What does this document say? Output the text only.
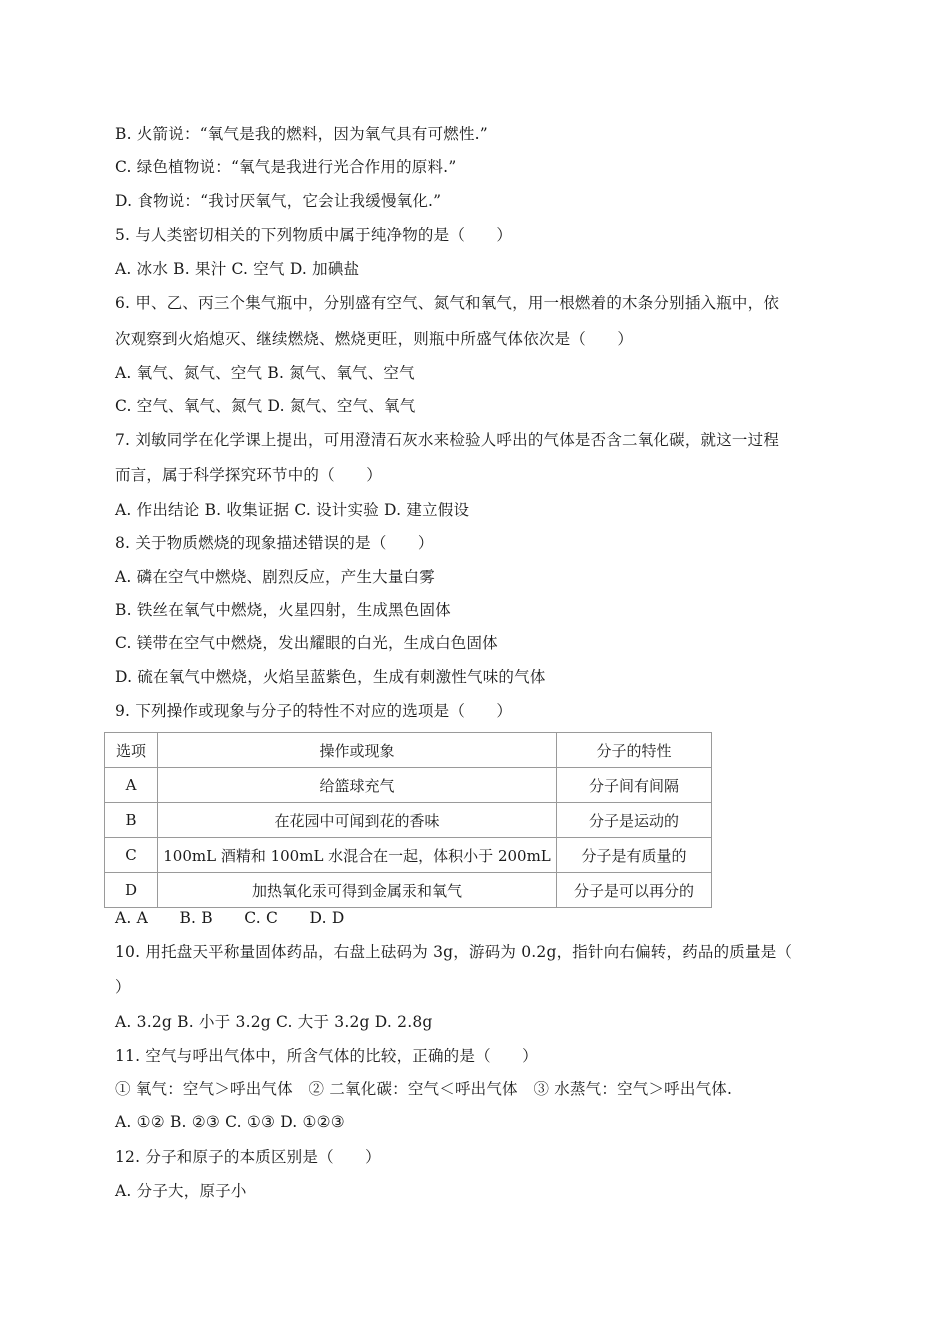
B. 火箭说：“氧气是我的燃料，因为氧气具有可燃性.”
C. 绿色植物说：“氧气是我进行光合作用的原料.”
D. 食物说：“我讨厌氧气，它会让我缓慢氧化.”
5. 与人类密切相关的下列物质中属于纯净物的是（　　）
A. 冰水 B. 果汁 C. 空气 D. 加碘盐
6. 甲、乙、丙三个集气瓶中，分别盛有空气、氮气和氧气，用一根燃着的木条分别插入瓶中，依
次观察到火焰熄灭、继续燃烧、燃烧更旺，则瓶中所盛气体依次是（　　）
A. 氧气、氮气、空气 B. 氮气、氧气、空气
C. 空气、氧气、氮气 D. 氮气、空气、氧气
7. 刘敏同学在化学课上提出，可用澄清石灰水来检验人呼出的气体是否含二氧化碳，就这一过程
而言，属于科学探究环节中的（　　）
A. 作出结论 B. 收集证据 C. 设计实验 D. 建立假设
8. 关于物质燃烧的现象描述错误的是（　　）
A. 磷在空气中燃烧、剧烈反应，产生大量白雾
B. 铁丝在氧气中燃烧，火星四射，生成黑色固体
C. 镁带在空气中燃烧，发出耀眼的白光，生成白色固体
D. 硫在氧气中燃烧，火焰呈蓝紫色，生成有刺激性气味的气体
9. 下列操作或现象与分子的特性不对应的选项是（　　）
选项	操作或现象	分子的特性
A	给篮球充气	分子间有间隔
B	在花园中可闻到花的香味	分子是运动的
C	100mL 酒精和 100mL 水混合在一起，体积小于 200mL	分子是有质量的
D	加热氧化汞可得到金属汞和氧气	分子是可以再分的
A. A　　B. B　　C. C　　D. D
10. 用托盘天平称量固体药品，右盘上砝码为 3g，游码为 0.2g，指针向右偏转，药品的质量是（
）
A. 3.2g B. 小于 3.2g C. 大于 3.2g D. 2.8g
11. 空气与呼出气体中，所含气体的比较，正确的是（　　）
① 氧气：空气＞呼出气体　② 二氧化碳：空气＜呼出气体　③ 水蒸气：空气＞呼出气体.
A. ①② B. ②③ C. ①③ D. ①②③
12. 分子和原子的本质区别是（　　）
A. 分子大，原子小
